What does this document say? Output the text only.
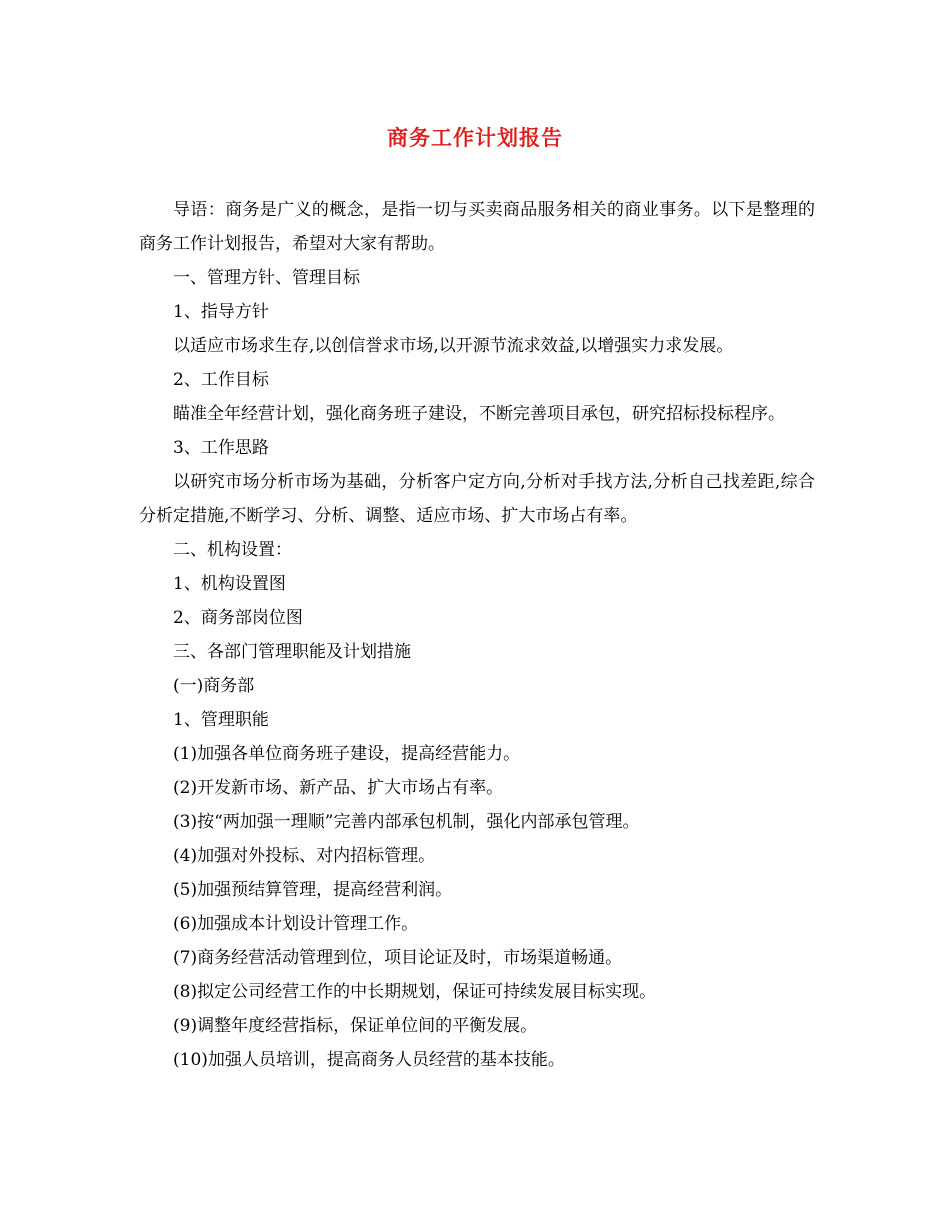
商务工作计划报告

导语：商务是广义的概念，是指一切与买卖商品服务相关的商业事务。以下是整理的商务工作计划报告，希望对大家有帮助。

一、管理方针、管理目标

1、指导方针

以适应市场求生存,以创信誉求市场,以开源节流求效益,以增强实力求发展。

2、工作目标

瞄准全年经营计划，强化商务班子建设，不断完善项目承包，研究招标投标程序。

3、工作思路

以研究市场分析市场为基础，分析客户定方向,分析对手找方法,分析自己找差距,综合分析定措施,不断学习、分析、调整、适应市场、扩大市场占有率。

二、机构设置：

1、机构设置图

2、商务部岗位图

三、各部门管理职能及计划措施

(一)商务部

1、管理职能

(1)加强各单位商务班子建设，提高经营能力。

(2)开发新市场、新产品、扩大市场占有率。

(3)按“两加强一理顺”完善内部承包机制，强化内部承包管理。

(4)加强对外投标、对内招标管理。

(5)加强预结算管理，提高经营利润。

(6)加强成本计划设计管理工作。

(7)商务经营活动管理到位，项目论证及时，市场渠道畅通。

(8)拟定公司经营工作的中长期规划，保证可持续发展目标实现。

(9)调整年度经营指标，保证单位间的平衡发展。

(10)加强人员培训，提高商务人员经营的基本技能。
